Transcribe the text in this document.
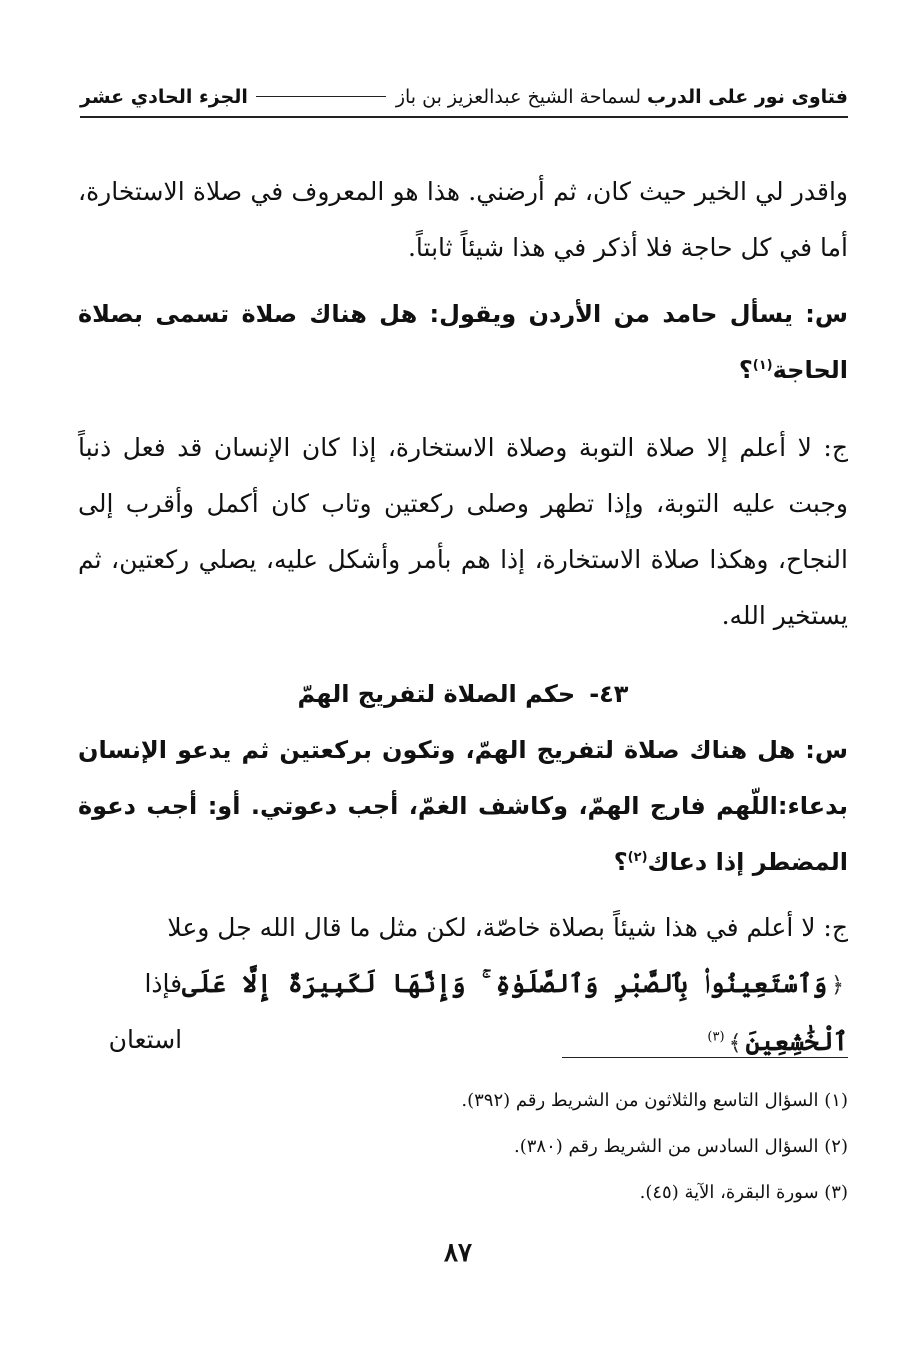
فتاوى نور على الدرب
لسماحة الشيخ عبدالعزيز بن باز
الجزء الحادي عشر

واقدر لي الخير حيث كان، ثم أرضني. هذا هو المعروف في صلاة الاستخارة، أما في كل حاجة فلا أذكر في هذا شيئاً ثابتاً.

س: يسأل حامد من الأردن ويقول: هل هناك صلاة تسمى بصلاة الحاجة$^{(١)}$؟

ج: لا أعلم إلا صلاة التوبة وصلاة الاستخارة، إذا كان الإنسان قد فعل ذنباً وجبت عليه التوبة، وإذا تطهر وصلى ركعتين وتاب كان أكمل وأقرب إلى النجاح، وهكذا صلاة الاستخارة، إذا هم بأمر وأشكل عليه، يصلي ركعتين، ثم يستخير الله.

٤٣-حكم الصلاة لتفريج الهمّ

س: هل هناك صلاة لتفريج الهمّ، وتكون بركعتين ثم يدعو الإنسان بدعاء:اللّهم فارج الهمّ، وكاشف الغمّ، أجب دعوتي. أو: أجب دعوة المضطر إذا دعاك$^{(٢)}$؟

ج: لا أعلم في هذا شيئاً بصلاة خاصّة، لكن مثل ما قال الله جل وعلا

﴿وَٱسْتَعِينُوا۟ بِٱلصَّبْرِ وَٱلصَّلَوٰةِ ۚ وَإِنَّهَا لَكَبِيرَةٌ إِلَّا عَلَى ٱلْخَٰشِعِينَ﴾$^{(٣)}$
فإذا استعان

(١) السؤال التاسع والثلاثون من الشريط رقم (٣٩٢).

(٢) السؤال السادس من الشريط رقم (٣٨٠).

(٣) سورة البقرة، الآية (٤٥).

٨٧
